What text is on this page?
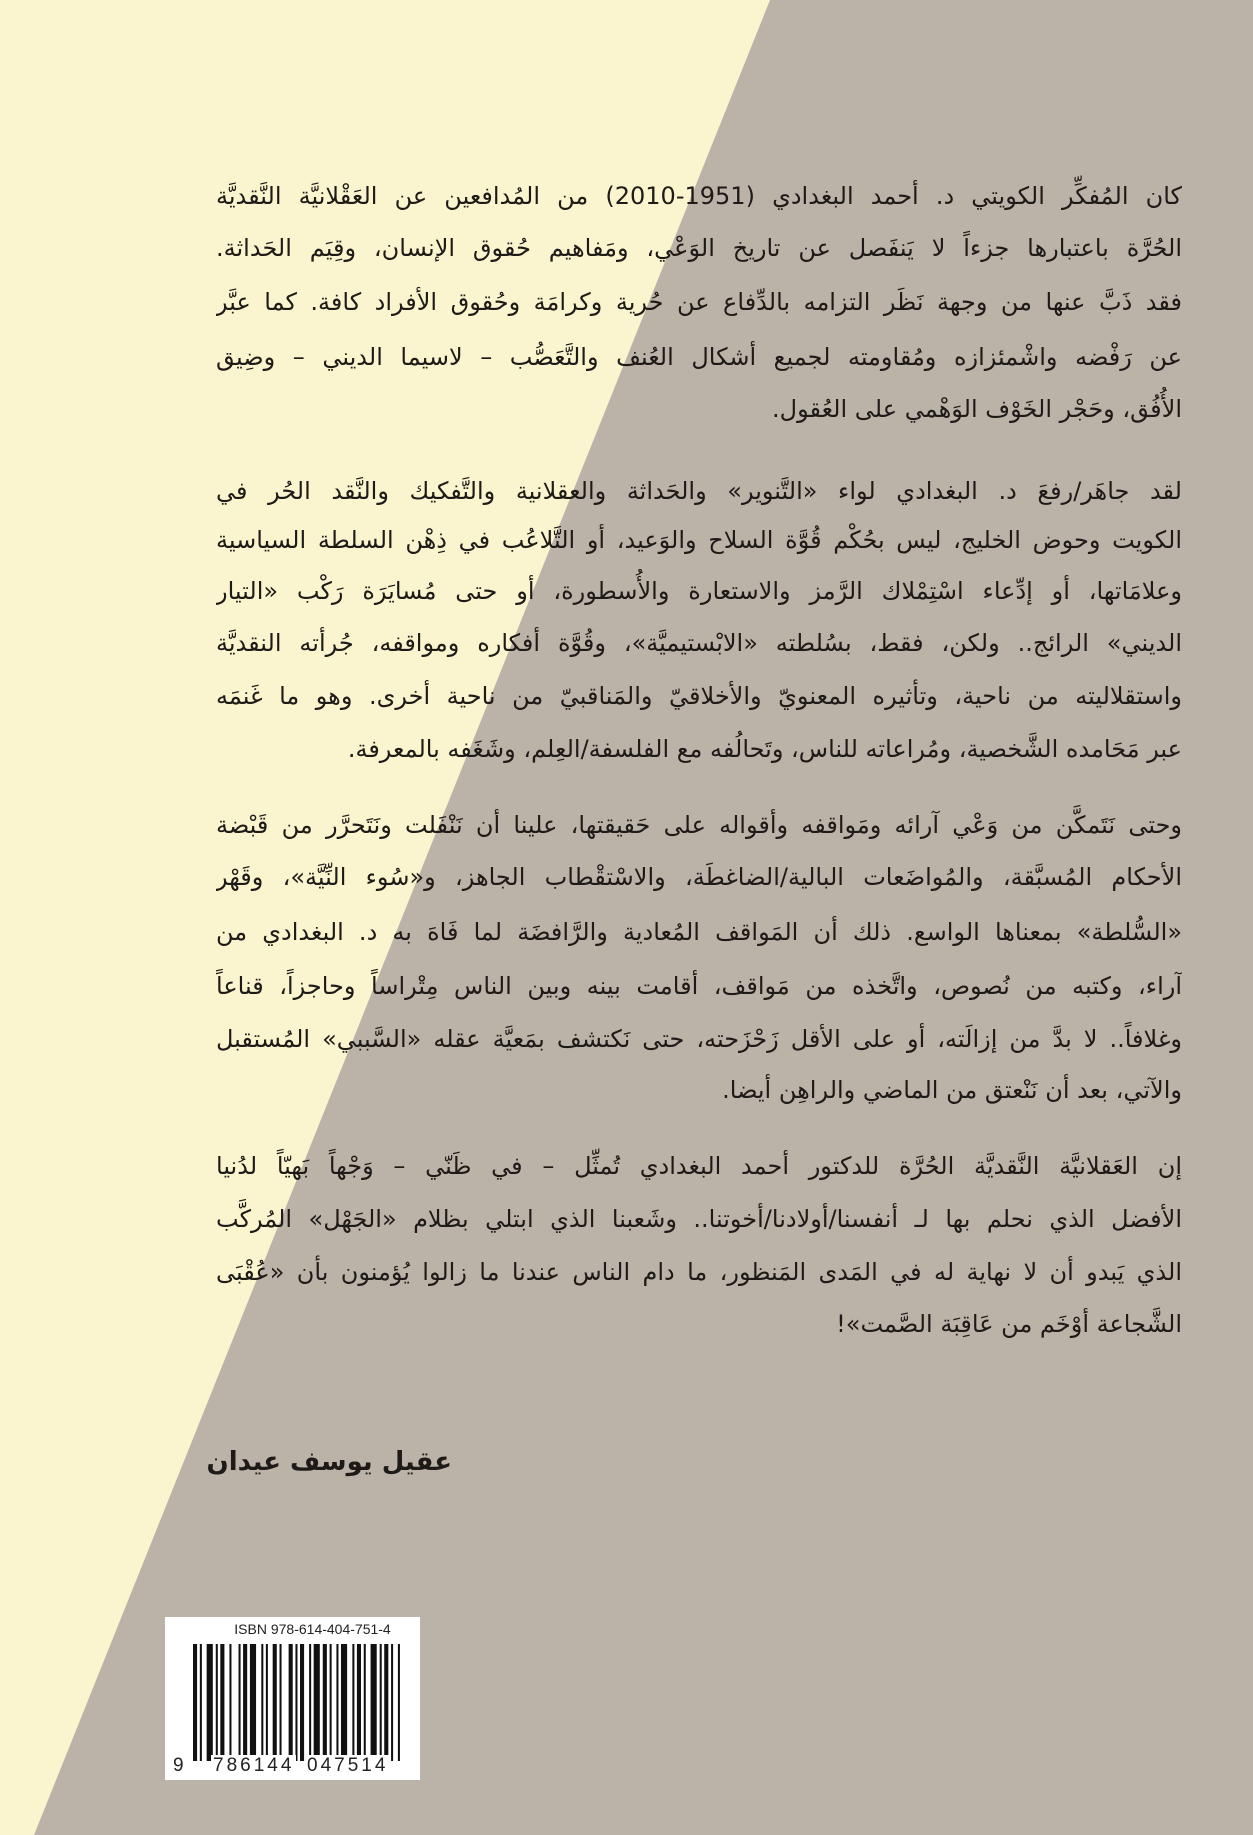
كان المُفكِّر الكويتي د. أحمد البغدادي (1951-2010) من المُدافعين عن العَقْلانيَّة النَّقديَّة
الحُرَّة باعتبارها جزءاً لا يَنفَصل عن تاريخ الوَعْي، ومَفاهيم حُقوق الإنسان، وقِيَم الحَداثة.
فقد ذَبَّ عنها من وجهة نَظَر التزامه بالدِّفاع عن حُرية وكرامَة وحُقوق الأفراد كافة. كما عبَّر
عن رَفْضه واشْمئزازه ومُقاومته لجميع أشكال العُنف والتَّعَصُّب – لاسيما الديني – وضِيق
الأُفُق، وحَجْر الخَوْف الوَهْمي على العُقول.
لقد جاهَر/رفعَ د. البغدادي لواء «التَّنوير» والحَداثة والعقلانية والتَّفكيك والنَّقد الحُر في
الكويت وحوض الخليج، ليس بحُكْم قُوَّة السلاح والوَعيد، أو التَّلاعُب في ذِهْن السلطة السياسية
وعلامَاتها، أو إدِّعاء اسْتِمْلاك الرَّمز والاستعارة والأُسطورة، أو حتى مُسايَرَة رَكْب «التيار
الديني» الرائج.. ولكن، فقط، بسُلطته «الابْستيميَّة»، وقُوَّة أفكاره ومواقفه، جُرأته النقديَّة
واستقلاليته من ناحية، وتأثيره المعنويّ والأخلاقيّ والمَناقبيّ من ناحية أخرى. وهو ما غَنمَه
عبر مَحَامده الشَّخصية، ومُراعاته للناس، وتَحالُفه مع الفلسفة/العِلم، وشَغَفه بالمعرفة.
وحتى نَتَمكَّن من وَعْي آرائه ومَواقفه وأقواله على حَقيقتها، علينا أن نَنْفَلت ونَتَحرَّر من قَبْضة
الأحكام المُسبَّقة، والمُواضَعات البالية/الضاغطَة، والاسْتقْطاب الجاهز، و«سُوء النِّيَّة»، وقَهْر
«السُّلطة» بمعناها الواسع. ذلك أن المَواقف المُعادية والرَّافضَة لما فَاهَ به د. البغدادي من
آراء، وكتبه من نُصوص، واتَّخذه من مَواقف، أقامت بينه وبين الناس مِتْراساً وحاجزاً، قناعاً
وغلافاً.. لا بدَّ من إزالَته، أو على الأقل زَحْزَحته، حتى نَكتشف بمَعيَّة عقله «السَّببي» المُستقبل
والآتي، بعد أن نَنْعتق من الماضي والراهِن أيضا.
إن العَقلانيَّة النَّقديَّة الحُرَّة للدكتور أحمد البغدادي تُمثِّل – في ظَنّي – وَجْهاً بَهيّاً لدُنيا
الأفضل الذي نحلم بها لـ أنفسنا/أولادنا/أخوتنا.. وشَعبنا الذي ابتلي بظلام «الجَهْل» المُركَّب
الذي يَبدو أن لا نهاية له في المَدى المَنظور، ما دام الناس عندنا ما زالوا يُؤمنون بأن «عُقْبَى
الشَّجاعة أوْخَم من عَاقِبَة الصَّمت»!
عقيل يوسف عيدان
ISBN 978-614-404-751-4
9 786144 047514
